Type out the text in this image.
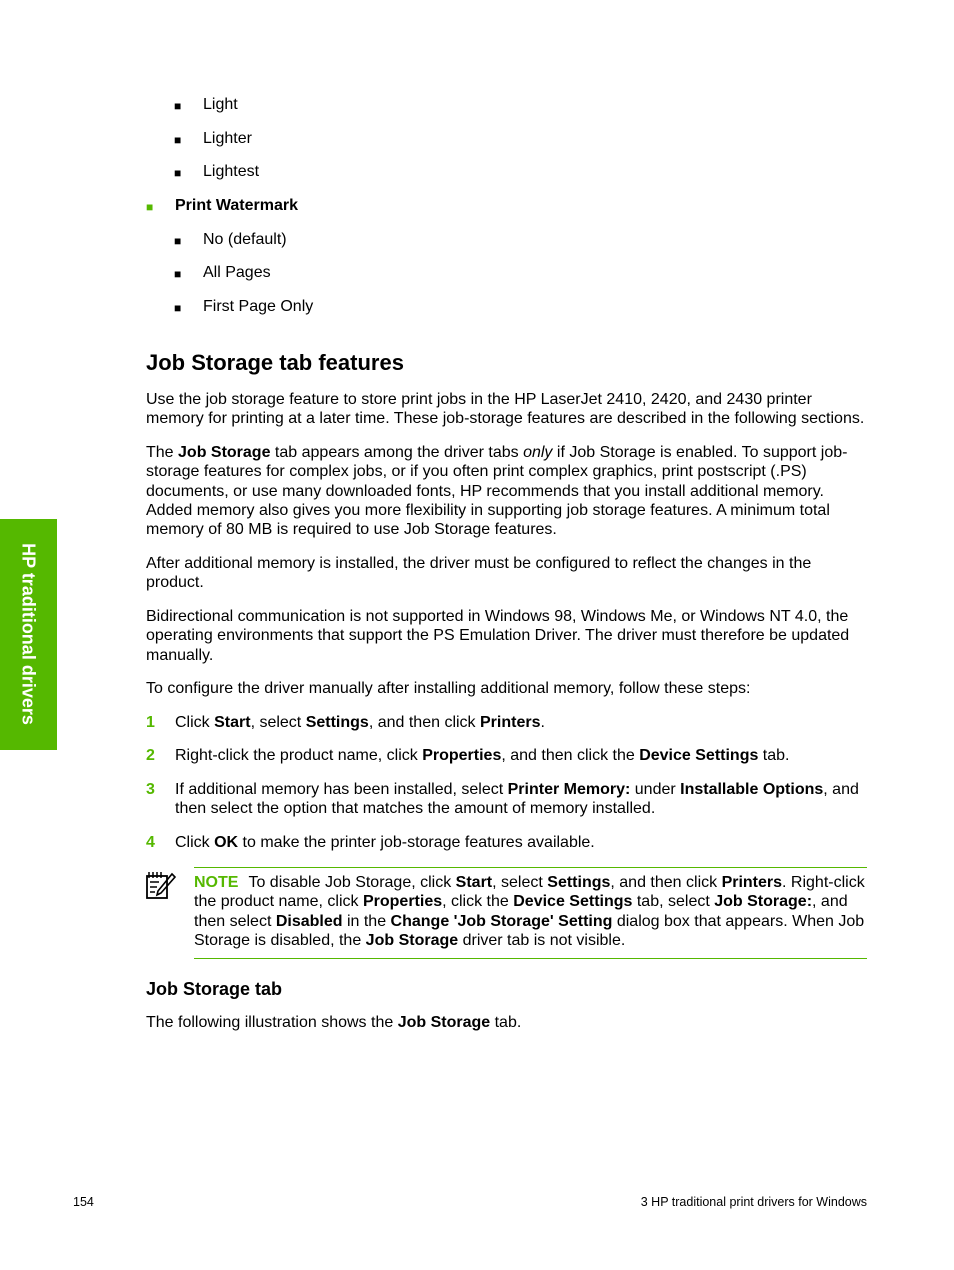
HP traditional drivers
■ Light
■ Lighter
■ Lightest
■ Print Watermark
■ No (default)
■ All Pages
■ First Page Only
Job Storage tab features
Use the job storage feature to store print jobs in the HP LaserJet 2410, 2420, and 2430 printer memory for printing at a later time. These job-storage features are described in the following sections.
The Job Storage tab appears among the driver tabs only if Job Storage is enabled. To support job-storage features for complex jobs, or if you often print complex graphics, print postscript (.PS) documents, or use many downloaded fonts, HP recommends that you install additional memory. Added memory also gives you more flexibility in supporting job storage features. A minimum total memory of 80 MB is required to use Job Storage features.
After additional memory is installed, the driver must be configured to reflect the changes in the product.
Bidirectional communication is not supported in Windows 98, Windows Me, or Windows NT 4.0, the operating environments that support the PS Emulation Driver. The driver must therefore be updated manually.
To configure the driver manually after installing additional memory, follow these steps:
1 Click Start, select Settings, and then click Printers.
2 Right-click the product name, click Properties, and then click the Device Settings tab.
3 If additional memory has been installed, select Printer Memory: under Installable Options, and then select the option that matches the amount of memory installed.
4 Click OK to make the printer job-storage features available.
NOTE To disable Job Storage, click Start, select Settings, and then click Printers. Right-click the product name, click Properties, click the Device Settings tab, select Job Storage:, and then select Disabled in the Change 'Job Storage' Setting dialog box that appears. When Job Storage is disabled, the Job Storage driver tab is not visible.
Job Storage tab
The following illustration shows the Job Storage tab.
154	3 HP traditional print drivers for Windows
